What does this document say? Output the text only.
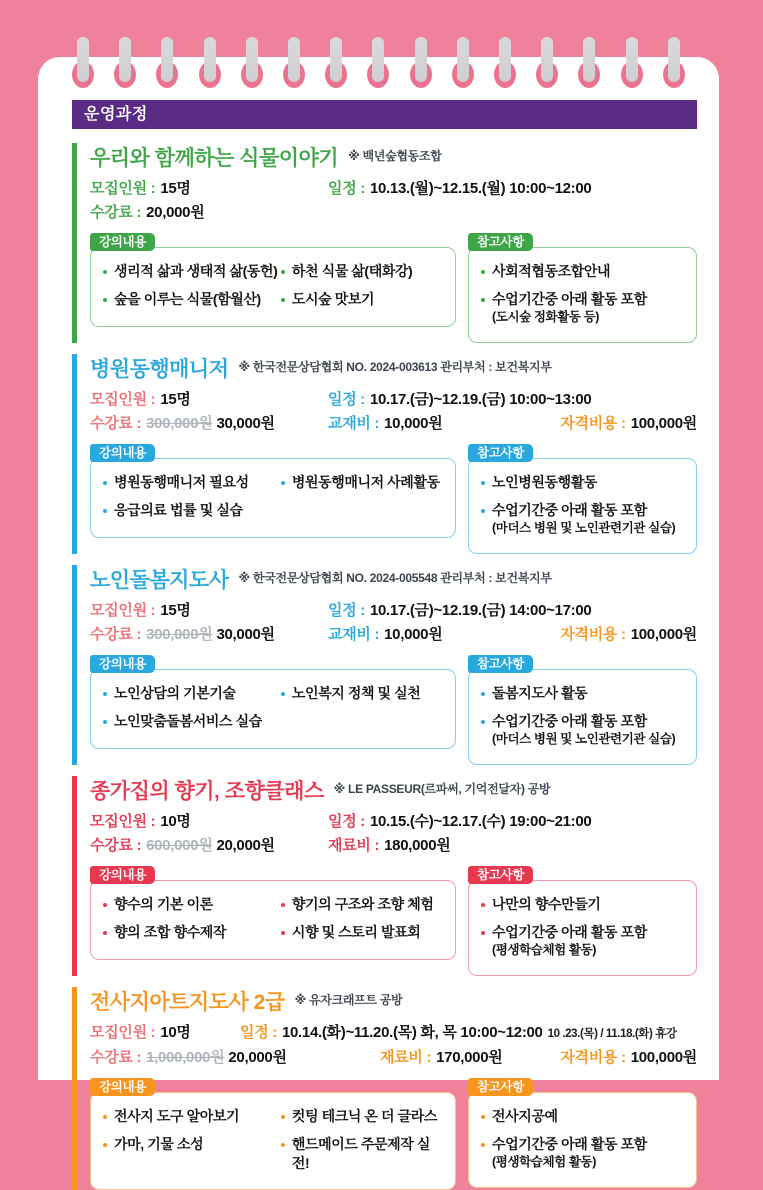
운영과정
우리와 함께하는 식물이야기 ※ 백년숲협동조합
모집인원 : 15명	일정 : 10.13.(월)~12.15.(월) 10:00~12:00
수강료 : 20,000원
강의내용
생리적 삶과 생태적 삶(동헌)
숲을 이루는 식물(함월산)
하천 식물 삶(태화강)
도시숲 맛보기
참고사항
사회적협동조합안내
수업기간중 아래 활동 포함
(도시숲 정화활동 등)
병원동행매니저 ※ 한국전문상담협회 NO. 2024-003613 관리부처 : 보건복지부
모집인원 : 15명	일정 : 10.17.(금)~12.19.(금) 10:00~13:00
수강료 : 300,000원 30,000원	교재비 : 10,000원	자격비용 : 100,000원
강의내용
병원동행매니저 필요성
응급의료 법률 및 실습
병원동행매니저 사례활동
참고사항
노인병원동행활동
수업기간중 아래 활동 포함
(마더스 병원 및 노인관련기관 실습)
노인돌봄지도사 ※ 한국전문상담협회 NO. 2024-005548 관리부처 : 보건복지부
모집인원 : 15명	일정 : 10.17.(금)~12.19.(금) 14:00~17:00
수강료 : 300,000원 30,000원	교재비 : 10,000원	자격비용 : 100,000원
강의내용
노인상담의 기본기술
노인맞춤돌봄서비스 실습
노인복지 정책 및 실천
참고사항
돌봄지도사 활동
수업기간중 아래 활동 포함
(마더스 병원 및 노인관련기관 실습)
종가집의 향기, 조향클래스 ※ LE PASSEUR(르파써, 기억전달자) 공방
모집인원 : 10명	일정 : 10.15.(수)~12.17.(수) 19:00~21:00
수강료 : 600,000원 20,000원	재료비 : 180,000원
강의내용
향수의 기본 이론
향의 조합 향수제작
향기의 구조와 조향 체험
시향 및 스토리 발표회
참고사항
나만의 향수만들기
수업기간중 아래 활동 포함
(평생학습체험 활동)
전사지아트지도사 2급 ※ 유자크래프트 공방
모집인원 : 10명	일정 : 10.14.(화)~11.20.(목) 화, 목 10:00~12:00 10 .23.(목) / 11.18.(화) 휴강
수강료 : 1,000,000원 20,000원	재료비 : 170,000원	자격비용 : 100,000원
강의내용
전사지 도구 알아보기
가마, 기물 소성
컷팅 테크닉 온 더 글라스
핸드메이드 주문제작 실전!
참고사항
전사지공예
수업기간중 아래 활동 포함
(평생학습체험 활동)
